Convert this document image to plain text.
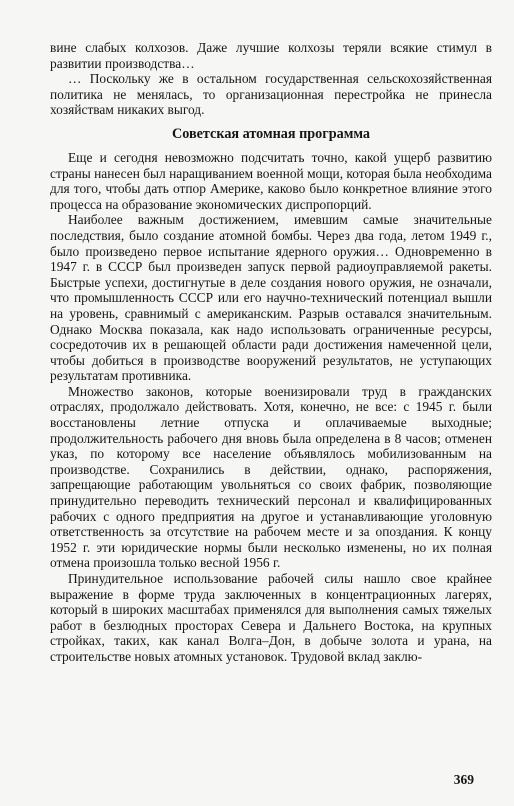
вине слабых колхозов. Даже лучшие колхозы теряли всякие стимул в развитии производства…

… Поскольку же в остальном государственная сельскохозяйственная политика не менялась, то организационная перестройка не принесла хозяйствам никаких выгод.

Советская атомная программа

Еще и сегодня невозможно подсчитать точно, какой ущерб развитию страны нанесен был наращиванием военной мощи, которая была необходима для того, чтобы дать отпор Америке, каково было конкретное влияние этого процесса на образование экономических диспропорций.

Наиболее важным достижением, имевшим самые значительные последствия, было создание атомной бомбы. Через два года, летом 1949 г., было произведено первое испытание ядерного оружия… Одновременно в 1947 г. в СССР был произведен запуск первой радиоуправляемой ракеты. Быстрые успехи, достигнутые в деле создания нового оружия, не означали, что промышленность СССР или его научно-технический потенциал вышли на уровень, сравнимый с американским. Разрыв оставался значительным. Однако Москва показала, как надо использовать ограниченные ресурсы, сосредоточив их в решающей области ради достижения намеченной цели, чтобы добиться в производстве вооружений результатов, не уступающих результатам противника.

Множество законов, которые военизировали труд в гражданских отраслях, продолжало действовать. Хотя, конечно, не все: с 1945 г. были восстановлены летние отпуска и оплачиваемые выходные; продолжительность рабочего дня вновь была определена в 8 часов; отменен указ, по которому все население объявлялось мобилизованным на производстве. Сохранились в действии, однако, распоряжения, запрещающие работающим увольняться со своих фабрик, позволяющие принудительно переводить технический персонал и квалифицированных рабочих с одного предприятия на другое и устанавливающие уголовную ответственность за отсутствие на рабочем месте и за опоздания. К концу 1952 г. эти юридические нормы были несколько изменены, но их полная отмена произошла только весной 1956 г.

Принудительное использование рабочей силы нашло свое крайнее выражение в форме труда заключенных в концентрационных лагерях, который в широких масштабах применялся для выполнения самых тяжелых работ в безлюдных просторах Севера и Дальнего Востока, на крупных стройках, таких, как канал Волга–Дон, в добыче золота и урана, на строительстве новых атомных установок. Трудовой вклад заклю-

369
